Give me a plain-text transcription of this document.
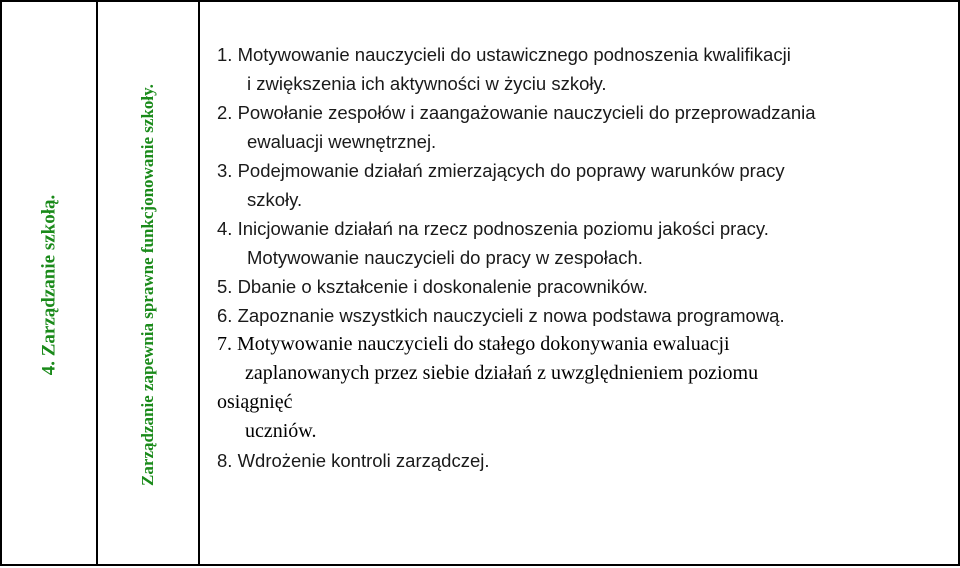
4. Zarządzanie szkołą.	Zarządzanie zapewnia sprawne funkcjonowanie szkoły.
1. Motywowanie nauczycieli do ustawicznego podnoszenia kwalifikacji
i zwiększenia ich aktywności w życiu szkoły.
2. Powołanie zespołów i zaangażowanie nauczycieli do przeprowadzania
ewaluacji wewnętrznej.
3. Podejmowanie działań zmierzających do poprawy warunków pracy
szkoły.
4. Inicjowanie działań na rzecz podnoszenia poziomu jakości pracy.
Motywowanie nauczycieli do pracy w zespołach.
5. Dbanie o kształcenie i doskonalenie pracowników.
6. Zapoznanie wszystkich nauczycieli z nowa podstawa programową.
7. Motywowanie nauczycieli do stałego dokonywania ewaluacji
zaplanowanych przez siebie działań z uwzględnieniem poziomu
osiągnięć
uczniów.
8. Wdrożenie kontroli zarządczej.
